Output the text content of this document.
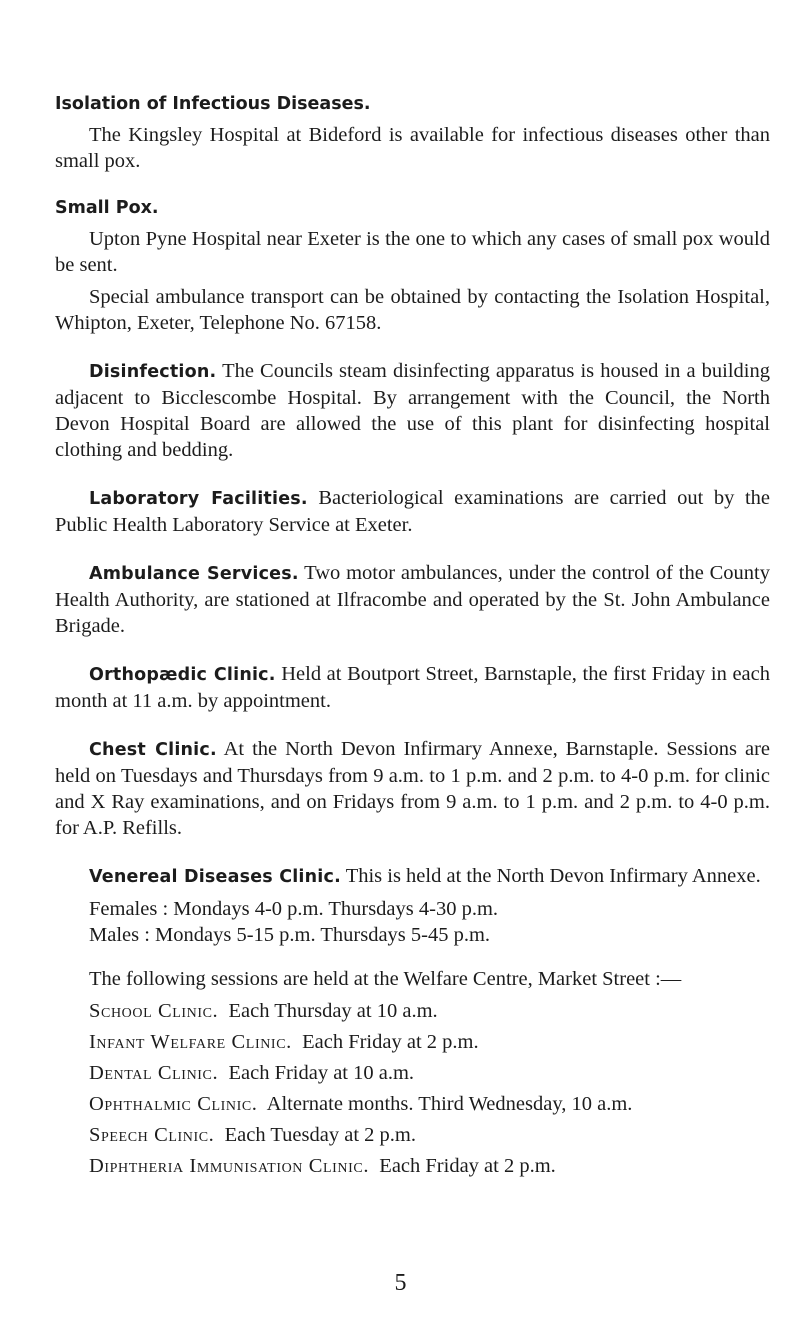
Isolation of Infectious Diseases.

The Kingsley Hospital at Bideford is available for infectious diseases other than small pox.

Small Pox.

Upton Pyne Hospital near Exeter is the one to which any cases of small pox would be sent.

Special ambulance transport can be obtained by contacting the Isolation Hospital, Whipton, Exeter, Telephone No. 67158.

Disinfection. The Councils steam disinfecting apparatus is housed in a building adjacent to Bicclescombe Hospital. By arrangement with the Council, the North Devon Hospital Board are allowed the use of this plant for disinfecting hospital clothing and bedding.

Laboratory Facilities. Bacteriological examinations are carried out by the Public Health Laboratory Service at Exeter.

Ambulance Services. Two motor ambulances, under the control of the County Health Authority, are stationed at Ilfracombe and operated by the St. John Ambulance Brigade.

Orthopædic Clinic. Held at Boutport Street, Barnstaple, the first Friday in each month at 11 a.m. by appointment.

Chest Clinic. At the North Devon Infirmary Annexe, Barnstaple. Sessions are held on Tuesdays and Thursdays from 9 a.m. to 1 p.m. and 2 p.m. to 4-0 p.m. for clinic and X Ray examinations, and on Fridays from 9 a.m. to 1 p.m. and 2 p.m. to 4-0 p.m. for A.P. Refills.

Venereal Diseases Clinic. This is held at the North Devon Infirmary Annexe.

Females : Mondays 4-0 p.m. Thursdays 4-30 p.m.

Males : Mondays 5-15 p.m. Thursdays 5-45 p.m.

The following sessions are held at the Welfare Centre, Market Street :—

School Clinic. Each Thursday at 10 a.m.

Infant Welfare Clinic. Each Friday at 2 p.m.

Dental Clinic. Each Friday at 10 a.m.

Ophthalmic Clinic. Alternate months. Third Wednesday, 10 a.m.

Speech Clinic. Each Tuesday at 2 p.m.

Diphtheria Immunisation Clinic. Each Friday at 2 p.m.

5
